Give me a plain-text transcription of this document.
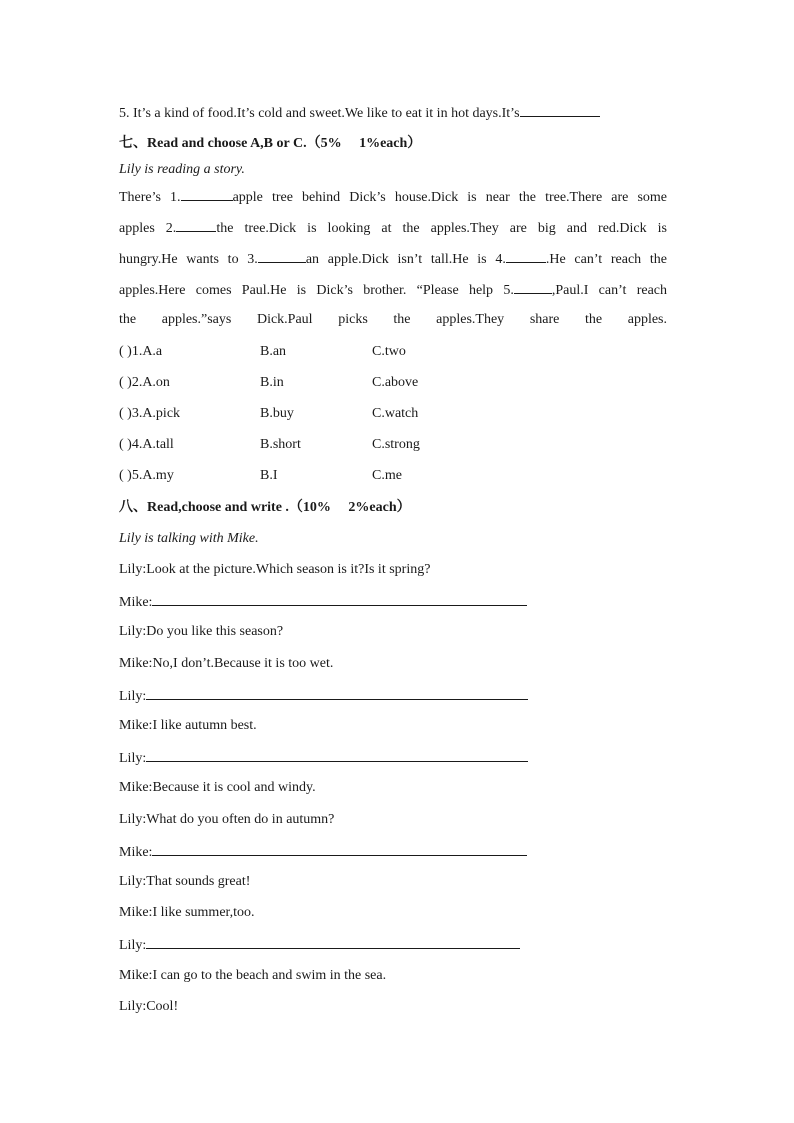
5. It’s a kind of food.It’s cold and sweet.We like to eat it in hot days.It’s
七、Read and choose A,B or C.（5%　 1%each）
Lily is reading a story.
There’s 1.	apple tree behind Dick’s house.Dick is near the tree.There are some
apples 2.	the tree.Dick is looking at the apples.They are big and red.Dick is
hungry.He wants to 3.	an apple.Dick isn’t tall.He is 4.	.He can’t reach the
apples.Here comes Paul.He is Dick’s brother. “Please help 5.	,Paul.I can’t reach
the apples.”says Dick.Paul picks the apples.They share the apples.
( )1.A.a	B.an	C.two
( )2.A.on	B.in	C.above
( )3.A.pick	B.buy	C.watch
( )4.A.tall	B.short	C.strong
( )5.A.my	B.I	C.me
八、Read,choose and write .（10%　 2%each）
Lily is talking with Mike.
Lily:Look at the picture.Which season is it?Is it spring?
Mike:
Lily:Do you like this season?
Mike:No,I don’t.Because it is too wet.
Lily:
Mike:I like autumn best.
Lily:
Mike:Because it is cool and windy.
Lily:What do you often do in autumn?
Mike:
Lily:That sounds great!
Mike:I like summer,too.
Lily:
Mike:I can go to the beach and swim in the sea.
Lily:Cool!
